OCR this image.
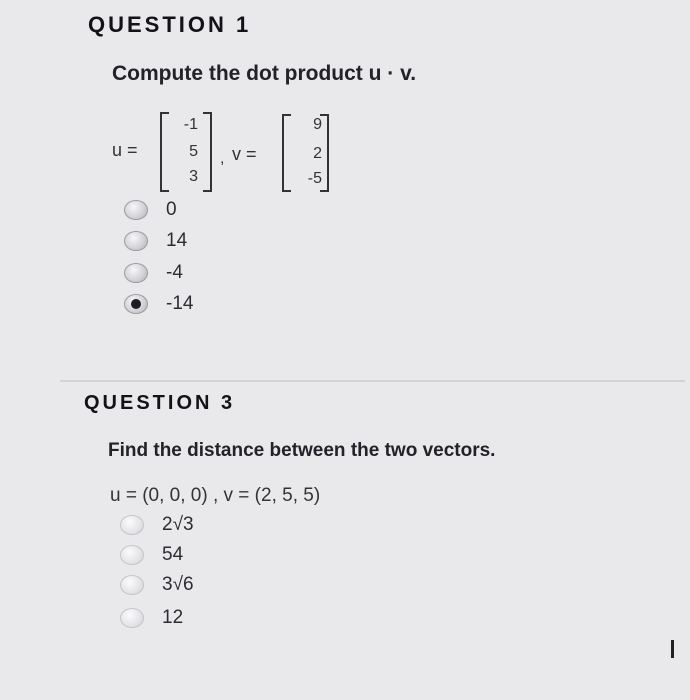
QUESTION 1
Compute the dot product u · v.
u =
-1
5
3
, v =
9
2
-5
0
14
-4
-14
QUESTION 3
Find the distance between the two vectors.
u = (0, 0, 0) , v = (2, 5, 5)
2√3
54
3√6
12
